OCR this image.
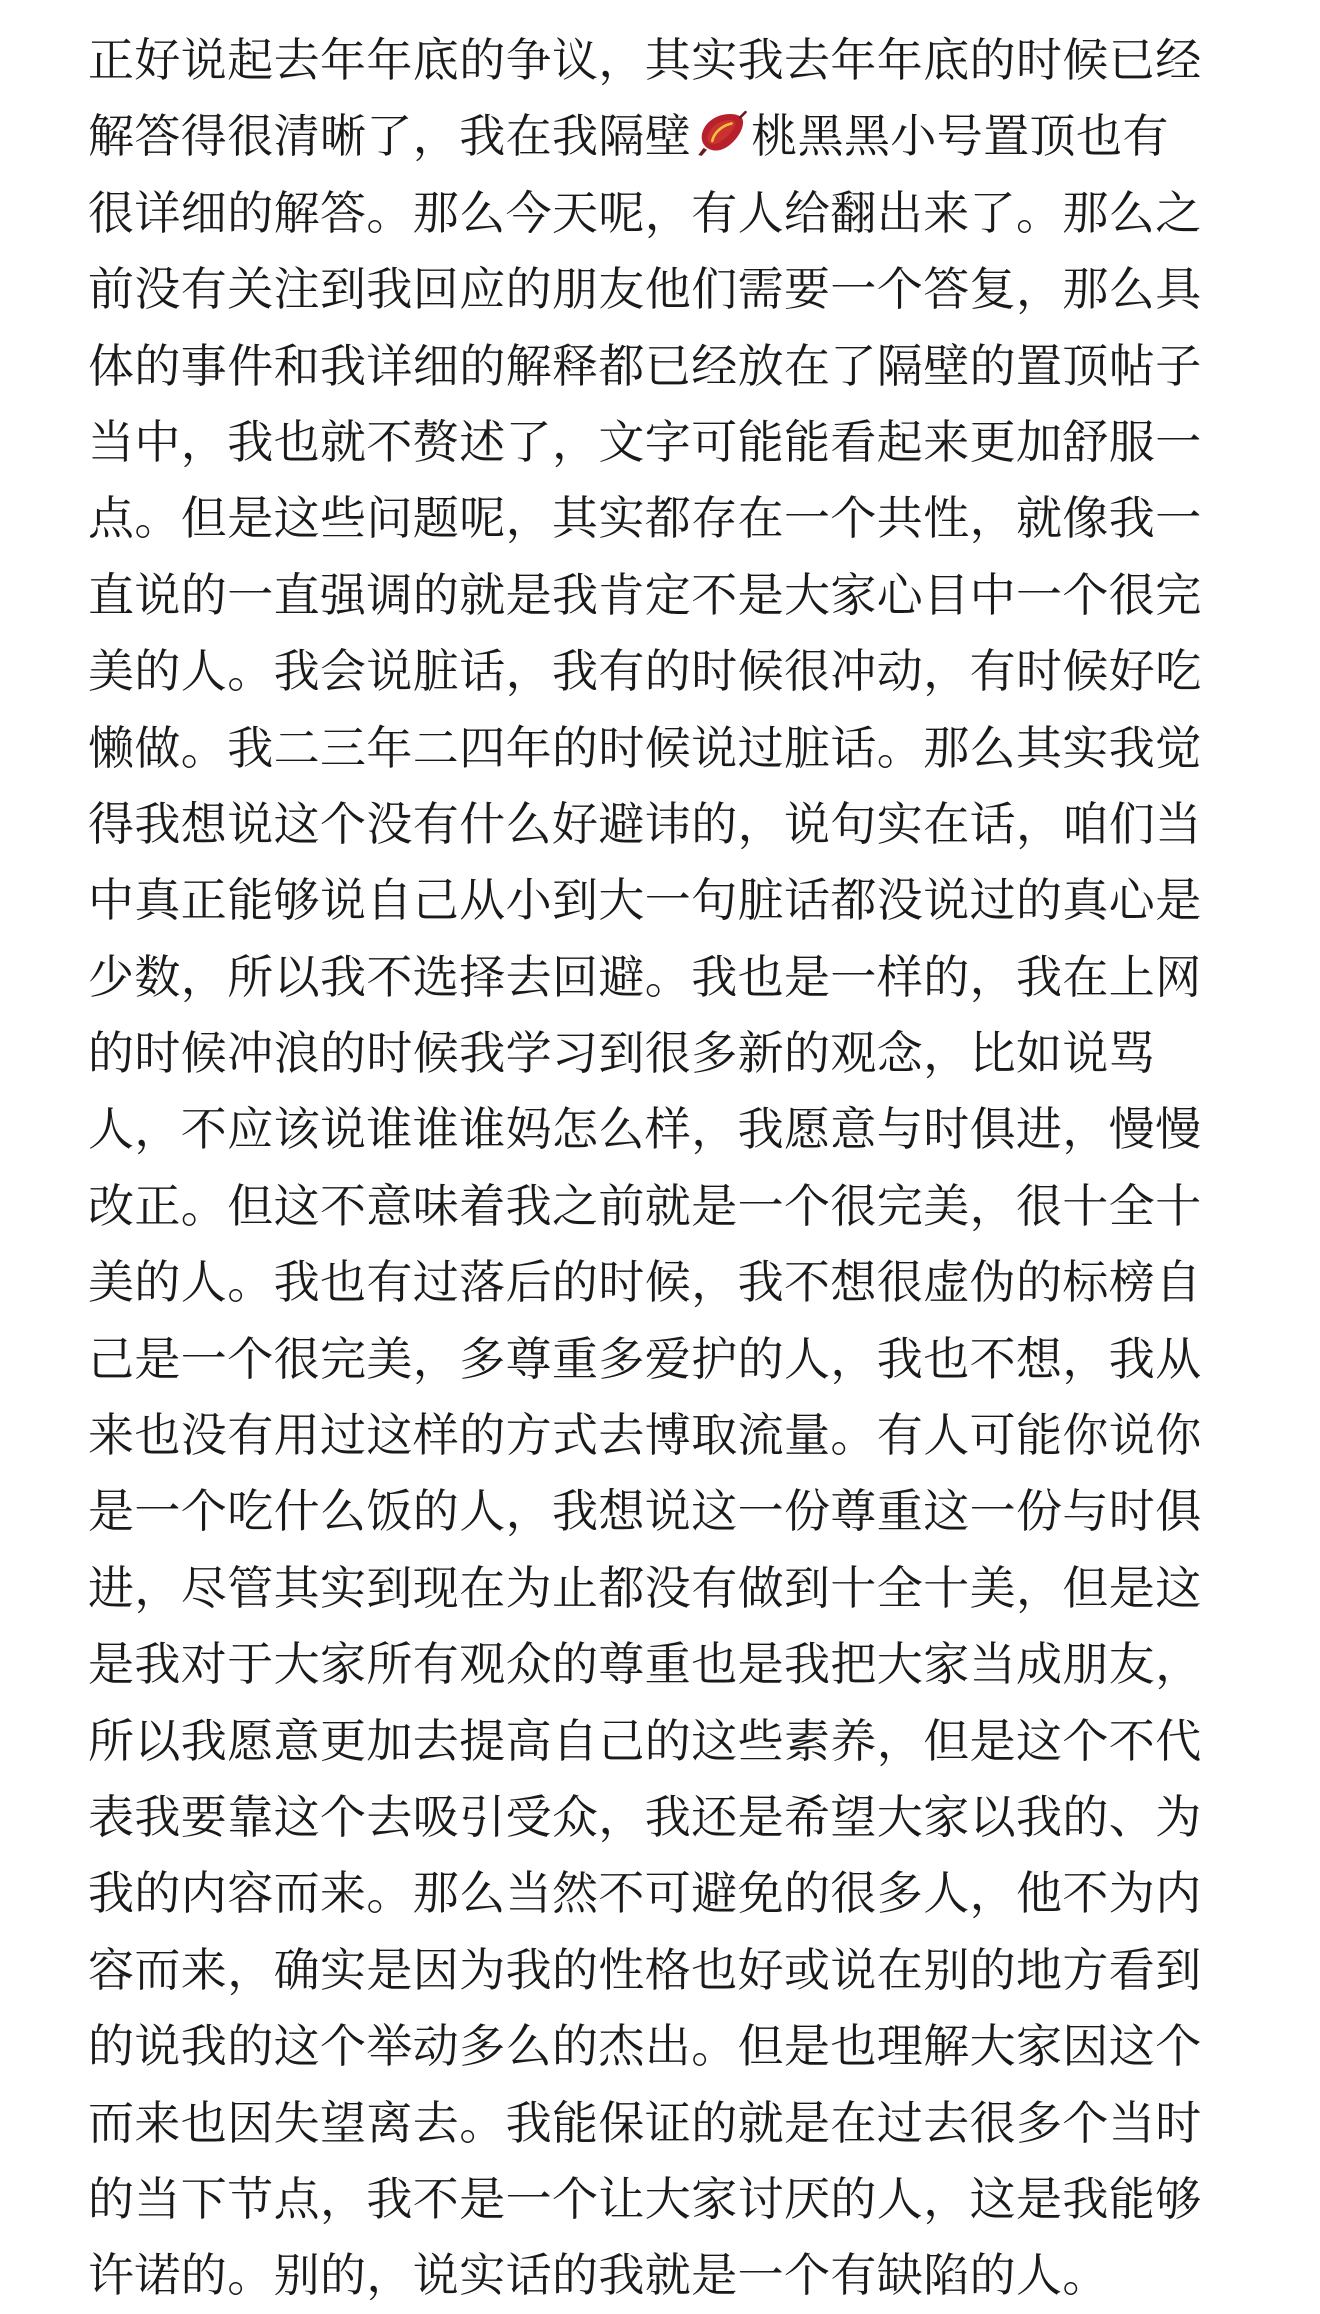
正好说起去年年底的争议，其实我去年年底的时候已经
解答得很清晰了，我在我隔壁 桃黑黑小号置顶也有
很详细的解答。那么今天呢，有人给翻出来了。那么之
前没有关注到我回应的朋友他们需要一个答复，那么具
体的事件和我详细的解释都已经放在了隔壁的置顶帖子
当中，我也就不赘述了，文字可能能看起来更加舒服一
点。但是这些问题呢，其实都存在一个共性，就像我一
直说的一直强调的就是我肯定不是大家心目中一个很完
美的人。我会说脏话，我有的时候很冲动，有时候好吃
懒做。我二三年二四年的时候说过脏话。那么其实我觉
得我想说这个没有什么好避讳的，说句实在话，咱们当
中真正能够说自己从小到大一句脏话都没说过的真心是
少数，所以我不选择去回避。我也是一样的，我在上网
的时候冲浪的时候我学习到很多新的观念，比如说骂
人，不应该说谁谁谁妈怎么样，我愿意与时俱进，慢慢
改正。但这不意味着我之前就是一个很完美，很十全十
美的人。我也有过落后的时候，我不想很虚伪的标榜自
己是一个很完美，多尊重多爱护的人，我也不想，我从
来也没有用过这样的方式去博取流量。有人可能你说你
是一个吃什么饭的人，我想说这一份尊重这一份与时俱
进，尽管其实到现在为止都没有做到十全十美，但是这
是我对于大家所有观众的尊重也是我把大家当成朋友，
所以我愿意更加去提高自己的这些素养，但是这个不代
表我要靠这个去吸引受众，我还是希望大家以我的、为
我的内容而来。那么当然不可避免的很多人，他不为内
容而来，确实是因为我的性格也好或说在别的地方看到
的说我的这个举动多么的杰出。但是也理解大家因这个
而来也因失望离去。我能保证的就是在过去很多个当时
的当下节点，我不是一个让大家讨厌的人，这是我能够
许诺的。别的，说实话的我就是一个有缺陷的人。
